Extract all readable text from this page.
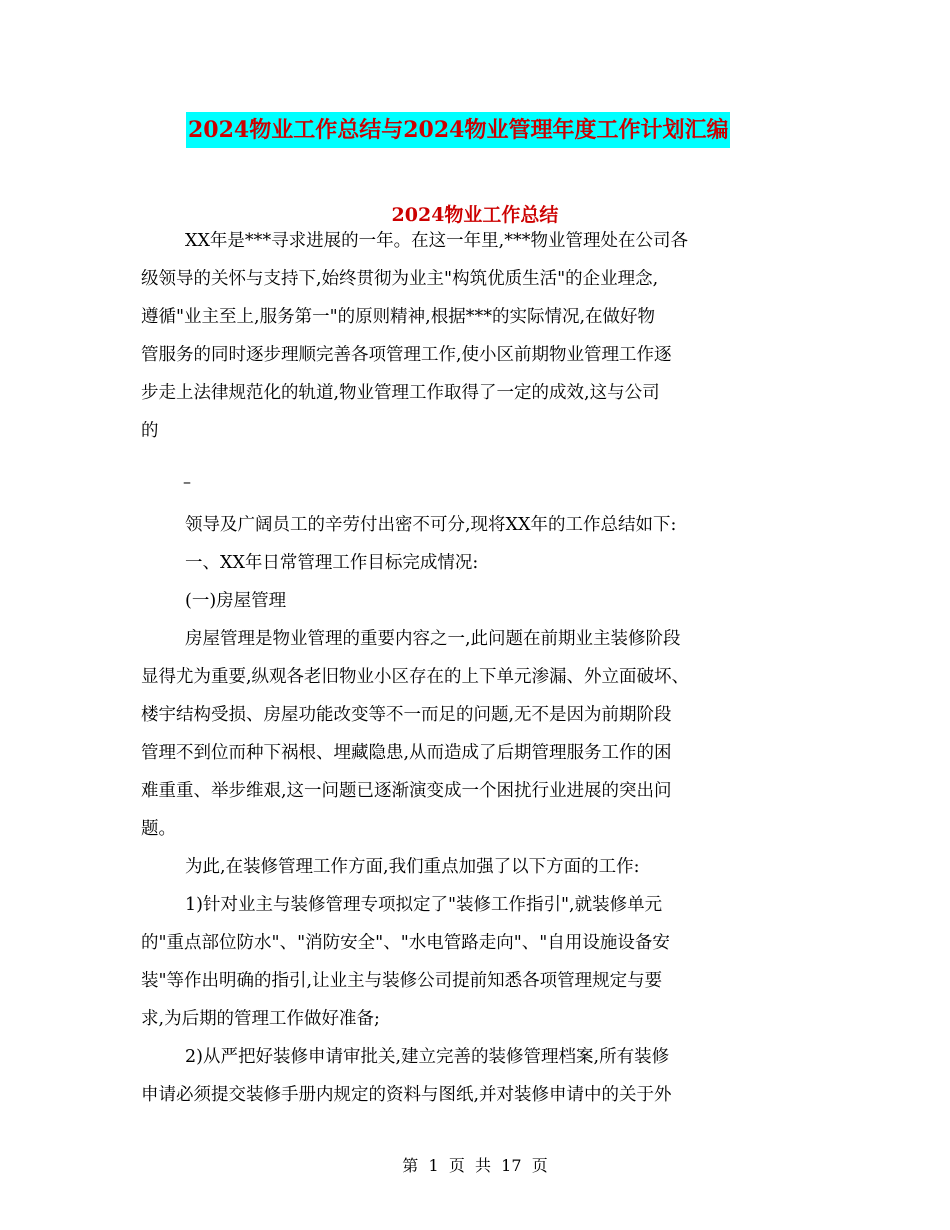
2024物业工作总结与2024物业管理年度工作计划汇编
2024物业工作总结
XX年是***寻求进展的一年。在这一年里,***物业管理处在公司各
级领导的关怀与支持下,始终贯彻为业主"构筑优质生活"的企业理念,
遵循"业主至上,服务第一"的原则精神,根据***的实际情况,在做好物
管服务的同时逐步理顺完善各项管理工作,使小区前期物业管理工作逐
步走上法律规范化的轨道,物业管理工作取得了一定的成效,这与公司
的
–
领导及广阔员工的辛劳付出密不可分,现将XX年的工作总结如下:
一、XX年日常管理工作目标完成情况:
(一)房屋管理
房屋管理是物业管理的重要内容之一,此问题在前期业主装修阶段
显得尤为重要,纵观各老旧物业小区存在的上下单元渗漏、外立面破坏、
楼宇结构受损、房屋功能改变等不一而足的问题,无不是因为前期阶段
管理不到位而种下祸根、埋藏隐患,从而造成了后期管理服务工作的困
难重重、举步维艰,这一问题已逐渐演变成一个困扰行业进展的突出问
题。
为此,在装修管理工作方面,我们重点加强了以下方面的工作:
1)针对业主与装修管理专项拟定了"装修工作指引",就装修单元
的"重点部位防水"、"消防安全"、"水电管路走向"、"自用设施设备安
装"等作出明确的指引,让业主与装修公司提前知悉各项管理规定与要
求,为后期的管理工作做好准备;
2)从严把好装修申请审批关,建立完善的装修管理档案,所有装修
申请必须提交装修手册内规定的资料与图纸,并对装修申请中的关于外
第  1  页  共  17  页
